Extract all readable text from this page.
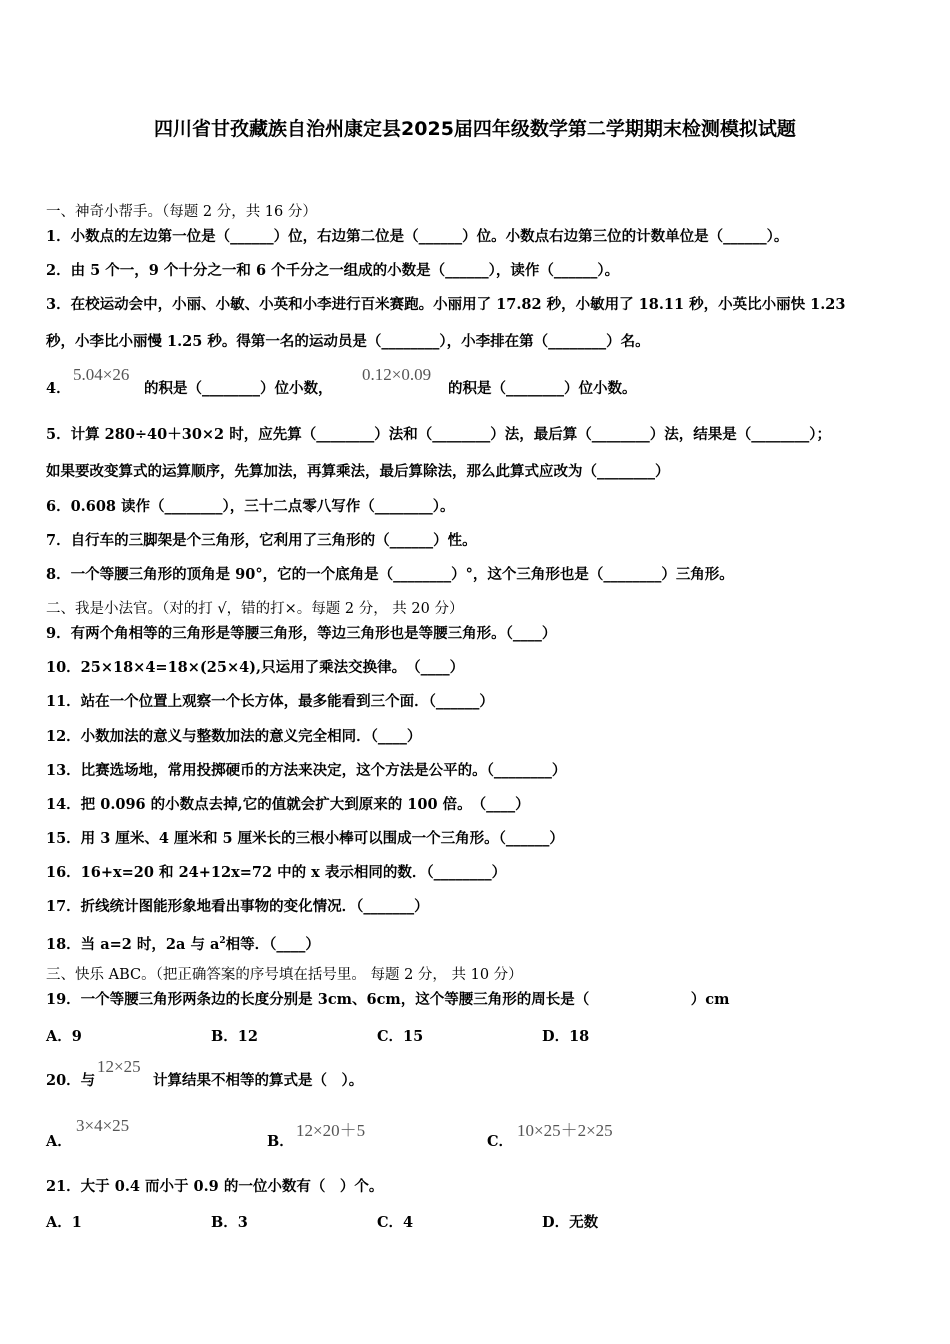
四川省甘孜藏族自治州康定县2025届四年级数学第二学期期末检测模拟试题
一、神奇小帮手。（每题 2 分，共 16 分）
1．小数点的左边第一位是（______）位，右边第二位是（______）位。小数点右边第三位的计数单位是（______）。
2．由 5 个一，9 个十分之一和 6 个千分之一组成的小数是（______），读作（______）。
3．在校运动会中，小丽、小敏、小英和小李进行百米赛跑。小丽用了 17.82 秒，小敏用了 18.11 秒，小英比小丽快 1.23
秒，小李比小丽慢 1.25 秒。得第一名的运动员是（________），小李排在第（________）名。
4．
5.04×26
的积是（________）位小数，
0.12×0.09
的积是（________）位小数。
5．计算 280÷40＋30×2 时，应先算（________）法和（________）法，最后算（________）法，结果是（________）；
如果要改变算式的运算顺序，先算加法，再算乘法，最后算除法，那么此算式应改为（________）
6．0.608 读作（________），三十二点零八写作（________）。
7．自行车的三脚架是个三角形，它利用了三角形的（______）性。
8．一个等腰三角形的顶角是 90°，它的一个底角是（________）°，这个三角形也是（________）三角形。
二、我是小法官。（对的打 √，错的打×。每题 2 分， 共 20 分）
9．有两个角相等的三角形是等腰三角形，等边三角形也是等腰三角形。（____）
10．25×18×4=18×(25×4),只运用了乘法交换律。　（____）
11．站在一个位置上观察一个长方体，最多能看到三个面．（______）
12．小数加法的意义与整数加法的意义完全相同．（____）
13．比赛选场地，常用投掷硬币的方法来决定，这个方法是公平的。（________）
14．把 0.096 的小数点去掉,它的值就会扩大到原来的 100 倍。　（____）
15．用 3 厘米、4 厘米和 5 厘米长的三根小棒可以围成一个三角形。（______）
16．16+x=20 和 24+12x=72 中的 x 表示相同的数．（________）
17．折线统计图能形象地看出事物的变化情况．（_______）
18．当 a=2 时，2a 与 $a^2$相等．（____）
三、快乐 ABC。（把正确答案的序号填在括号里。 每题 2 分， 共 10 分）
19．一个等腰三角形两条边的长度分别是 3cm、6cm，这个等腰三角形的周长是（　　　　　　　）cm
A．9	B．12	C．15	D．18
20．与
12×25
计算结果不相等的算式是（　）。
A．
3×4×25
B．
12×20＋5
C．
10×25＋2×25
21．大于 0.4 而小于 0.9 的一位小数有（　）个。
A．1	B．3	C．4	D．无数
